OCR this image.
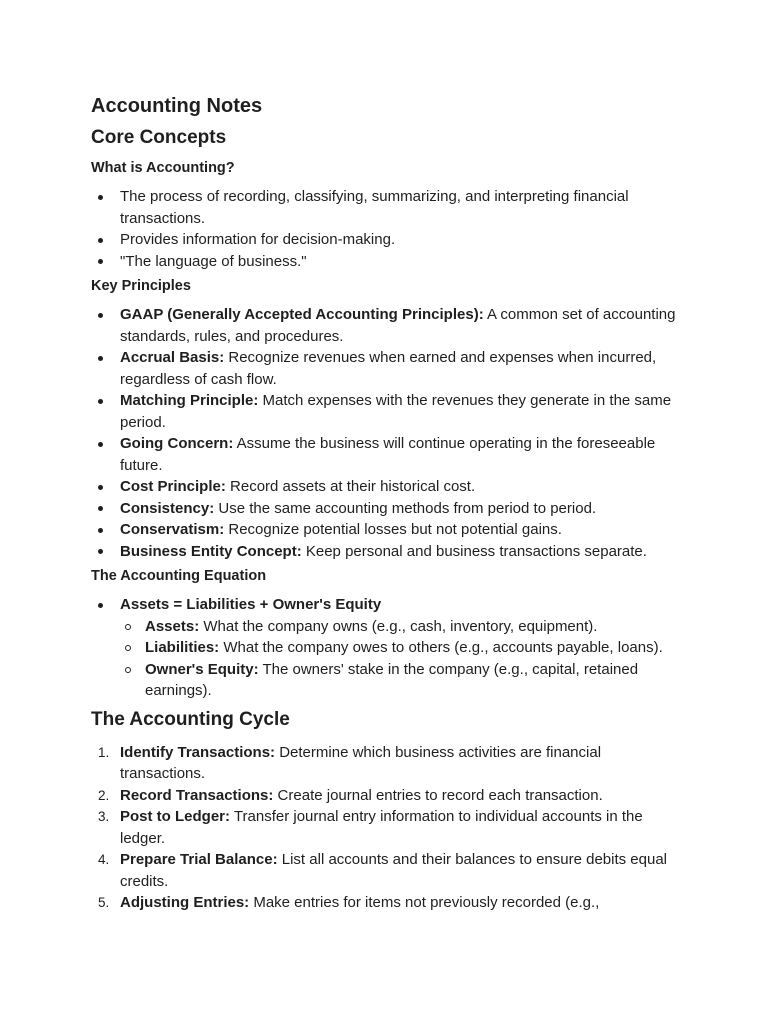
Accounting Notes
Core Concepts
What is Accounting?
The process of recording, classifying, summarizing, and interpreting financial transactions.
Provides information for decision-making.
"The language of business."
Key Principles
GAAP (Generally Accepted Accounting Principles): A common set of accounting standards, rules, and procedures.
Accrual Basis: Recognize revenues when earned and expenses when incurred, regardless of cash flow.
Matching Principle: Match expenses with the revenues they generate in the same period.
Going Concern: Assume the business will continue operating in the foreseeable future.
Cost Principle: Record assets at their historical cost.
Consistency: Use the same accounting methods from period to period.
Conservatism: Recognize potential losses but not potential gains.
Business Entity Concept: Keep personal and business transactions separate.
The Accounting Equation
Assets = Liabilities + Owner's Equity
Assets: What the company owns (e.g., cash, inventory, equipment).
Liabilities: What the company owes to others (e.g., accounts payable, loans).
Owner's Equity: The owners' stake in the company (e.g., capital, retained earnings).
The Accounting Cycle
1. Identify Transactions: Determine which business activities are financial transactions.
2. Record Transactions: Create journal entries to record each transaction.
3. Post to Ledger: Transfer journal entry information to individual accounts in the ledger.
4. Prepare Trial Balance: List all accounts and their balances to ensure debits equal credits.
5. Adjusting Entries: Make entries for items not previously recorded (e.g.,
